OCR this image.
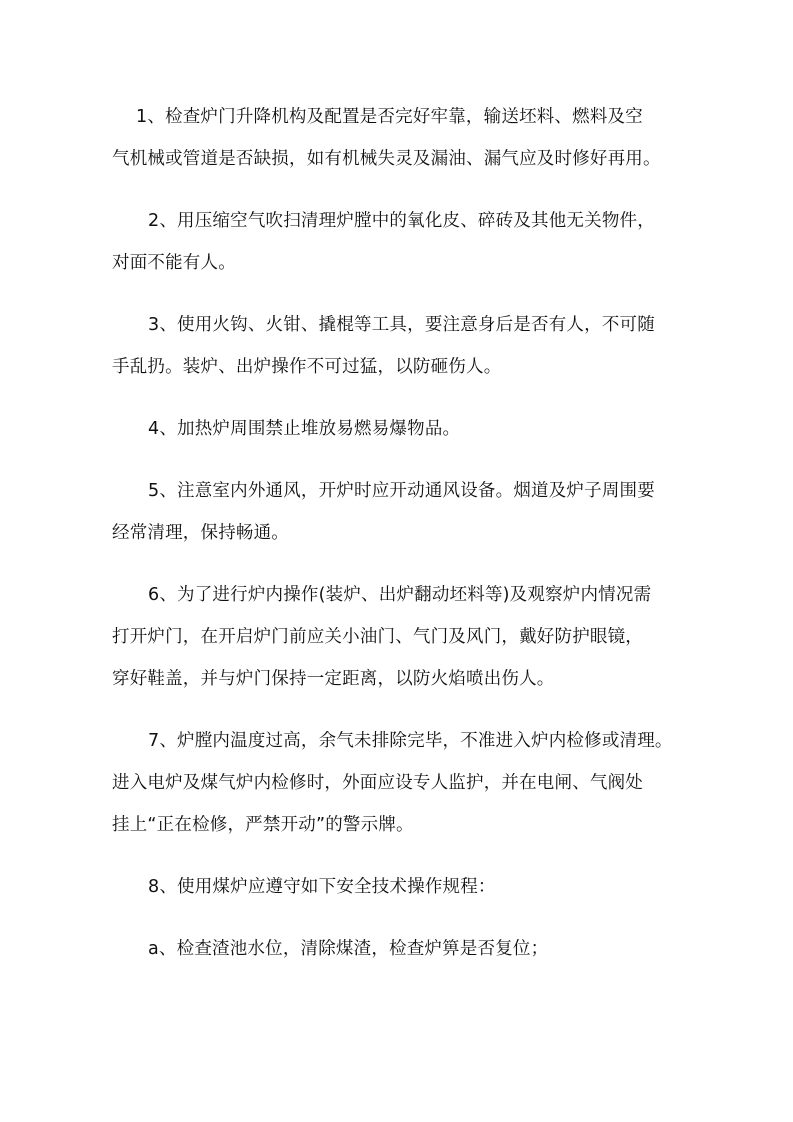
1、检查炉门升降机构及配置是否完好牢靠，输送坯料、燃料及空
气机械或管道是否缺损，如有机械失灵及漏油、漏气应及时修好再用。

2、用压缩空气吹扫清理炉膛中的氧化皮、碎砖及其他无关物件，
对面不能有人。

3、使用火钩、火钳、撬棍等工具，要注意身后是否有人，不可随
手乱扔。装炉、出炉操作不可过猛，以防砸伤人。

4、加热炉周围禁止堆放易燃易爆物品。

5、注意室内外通风，开炉时应开动通风设备。烟道及炉子周围要
经常清理，保持畅通。

6、为了进行炉内操作(装炉、出炉翻动坯料等)及观察炉内情况需
打开炉门，在开启炉门前应关小油门、气门及风门，戴好防护眼镜，
穿好鞋盖，并与炉门保持一定距离，以防火焰喷出伤人。

7、炉膛内温度过高，余气未排除完毕，不准进入炉内检修或清理。
进入电炉及煤气炉内检修时，外面应设专人监护，并在电闸、气阀处
挂上“正在检修，严禁开动”的警示牌。

8、使用煤炉应遵守如下安全技术操作规程：

a、检查渣池水位，清除煤渣，检查炉箅是否复位；
